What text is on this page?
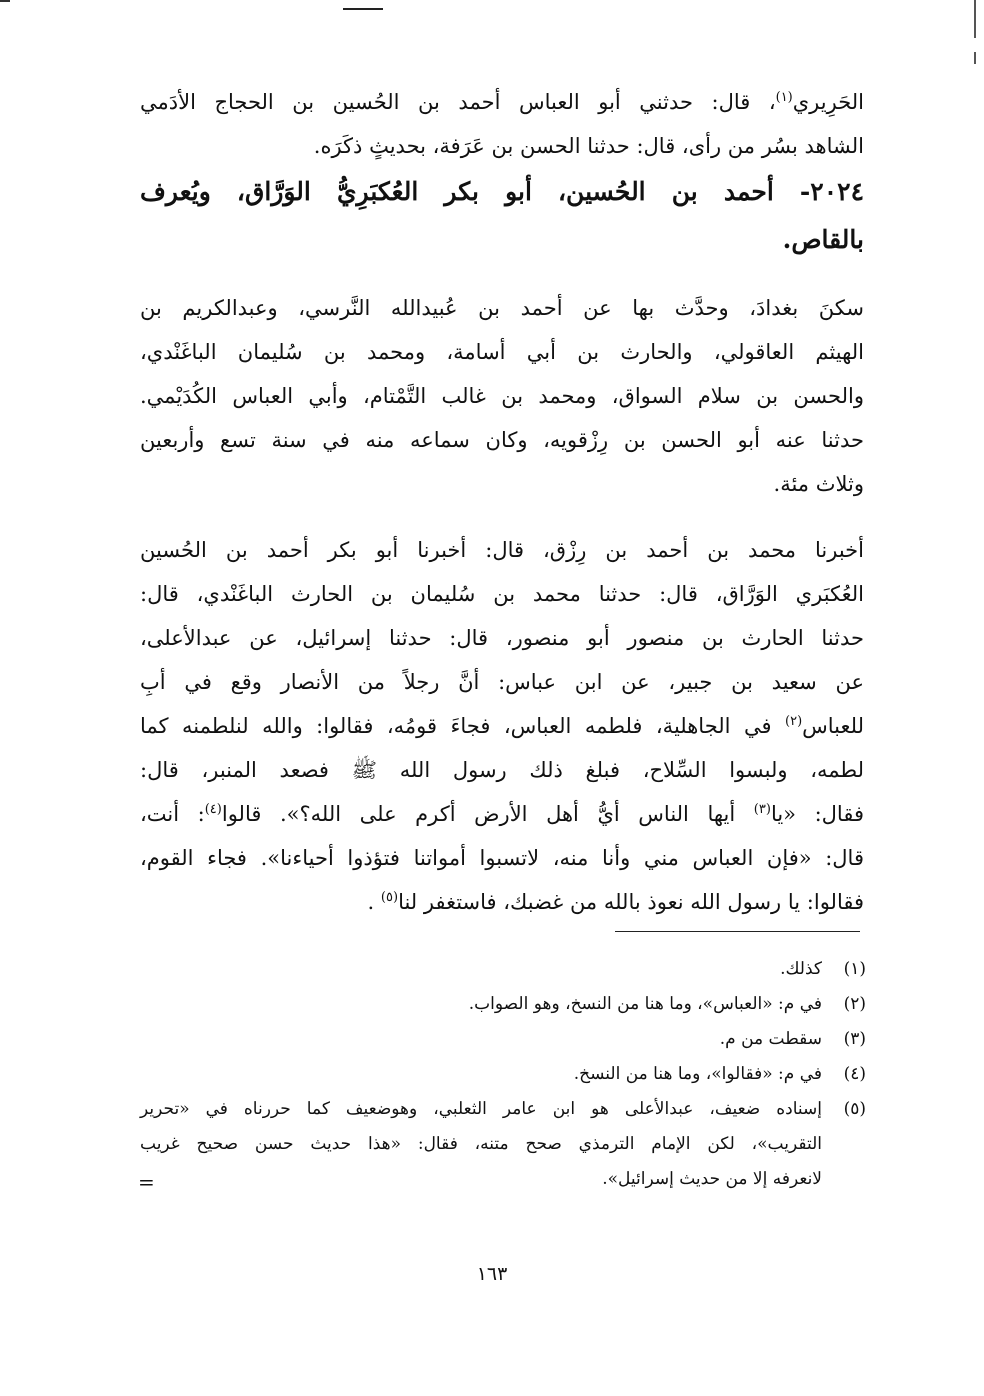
الحَرِيري$^{(١)}$، قال: حدثني أبو العباس أحمد بن الحُسين بن الحجاج الأدَمي
الشاهد بسُر من رأى، قال: حدثنا الحسن بن عَرَفة، بحديثٍ ذكَرَه.
٢٠٢٤- أحمد بن الحُسين، أبو بكر العُكبَرِيُّ الوَرَّاق، ويُعرف
بالقاص.
سكنَ بغدادَ، وحدَّث بها عن أحمد بن عُبيدالله النَّرسي، وعبدالكريم بن
الهيثم العاقولي، والحارث بن أبي أسامة، ومحمد بن سُليمان الباغَنْدي،
والحسن بن سلام السواق، ومحمد بن غالب التَّمْتام، وأبي العباس الكُدَيْمي.
حدثنا عنه أبو الحسن بن رِزْقويه، وكان سماعه منه في سنة تسع وأربعين
وثلاث مئة.
أخبرنا محمد بن أحمد بن رِزْق، قال: أخبرنا أبو بكر أحمد بن الحُسين
العُكبَري الوَرَّاق، قال: حدثنا محمد بن سُليمان بن الحارث الباغَنْدي، قال:
حدثنا الحارث بن منصور أبو منصور، قال: حدثنا إسرائيل، عن عبدالأعلى،
عن سعيد بن جبير، عن ابن عباس: أنَّ رجلاً من الأنصار وقع في أبِ
للعباس$^{(٢)}$ في الجاهلية، فلطمه العباس، فجاءَ قومُه، فقالوا: والله لنلطمنه كما
لطمه، ولبسوا السِّلاح، فبلغ ذلك رسول الله ﷺ فصعد المنبر، قال:
فقال: «يا$^{(٣)}$ أيها الناس أيُّ أهل الأرض أكرم على الله؟». قالوا$^{(٤)}$: أنت،
قال: «فإن العباس مني وأنا منه، لاتسبوا أمواتنا فتؤذوا أحياءنا». فجاء القوم،
فقالوا: يا رسول الله نعوذ بالله من غضبك، فاستغفر لنا$^{(٥)}$ .
(١)
كذلك.
(٢)
في م: «العباس»، وما هنا من النسخ، وهو الصواب.
(٣)
سقطت من م.
(٤)
في م: «فقالوا»، وما هنا من النسخ.
(٥)
إسناده ضعيف، عبدالأعلى هو ابن عامر الثعلبي، وهوضعيف كما حررناه في «تحرير
التقريب»، لكن الإمام الترمذي صحح متنه، فقال: «هذا حديث حسن صحيح غريب
لانعرفه إلا من حديث إسرائيل».
=
١٦٣
